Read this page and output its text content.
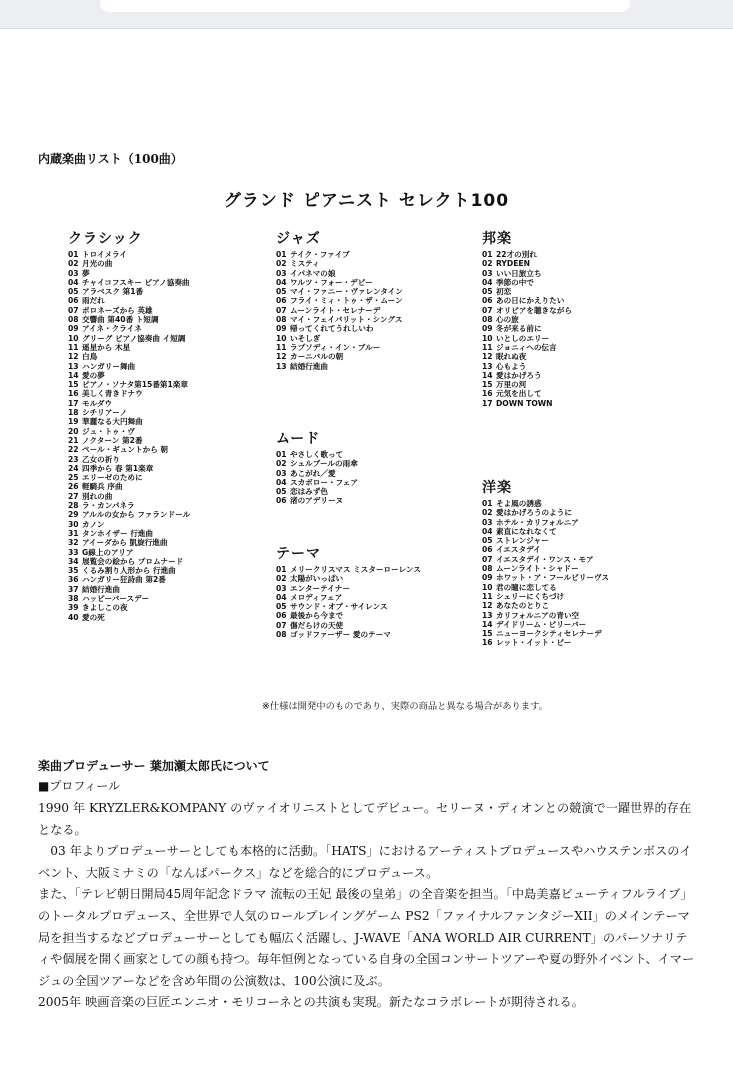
内蔵楽曲リスト（100曲）
グランド ピアニスト セレクト100
クラシック
01 トロイメライ
02 月光の曲
03 夢
04 チャイコフスキー ピアノ協奏曲
05 アラベスク 第1番
06 雨だれ
07 ポロネーズから 英雄
08 交響曲 第40番 ト短調
09 アイネ・クライネ
10 グリーグ ピアノ協奏曲 イ短調
11 遥星から 木星
12 白鳥
13 ハンガリー舞曲
14 愛の夢
15 ピアノ・ソナタ第15番第1楽章
16 美しく青きドナウ
17 モルダウ
18 シチリアーノ
19 華麗なる大円舞曲
20 ジュ・トゥ・ヴ
21 ノクターン 第2番
22 ペール・ギュントから 朝
23 乙女の祈り
24 四季から 春 第1楽章
25 エリーゼのために
26 軽騎兵 序曲
27 別れの曲
28 ラ・カンパネラ
29 アルルの女から ファランドール
30 カノン
31 タンホイザー 行進曲
32 アイーダから 凱旋行進曲
33 G線上のアリア
34 展覧会の絵から プロムナード
35 くるみ割り人形から 行進曲
36 ハンガリー狂詩曲 第2番
37 結婚行進曲
38 ハッピーバースデー
39 きよしこの夜
40 愛の死
ジャズ
01 テイク・ファイブ
02 ミスティ
03 イパネマの娘
04 ワルツ・フォー・デビー
05 マイ・ファニー・ヴァレンタイン
06 フライ・ミィ・トゥ・ザ・ムーン
07 ムーンライト・セレナーデ
08 マイ・フェイバリット・シングス
09 帰ってくれてうれしいわ
10 いそしぎ
11 ラプソディ・イン・ブルー
12 カーニバルの朝
13 結婚行進曲
ムード
01 やさしく歌って
02 シェルブールの雨傘
03 あこがれ／愛
04 スカボロー・フェア
05 恋はみず色
06 渚のアデリーヌ
テーマ
01 メリークリスマス ミスターローレンス
02 太陽がいっぱい
03 エンターテイナー
04 メロディフェア
05 サウンド・オブ・サイレンス
06 最後から今まで
07 傷だらけの天使
08 ゴッドファーザー 愛のテーマ
邦楽
01 22才の別れ
02 RYDEEN
03 いい日旅立ち
04 季節の中で
05 初恋
06 あの日にかえりたい
07 オリビアを聴きながら
08 心の旅
09 冬が来る前に
10 いとしのエリー
11 ジョニィへの伝言
12 眠れぬ夜
13 心もよう
14 愛はかげろう
15 万里の河
16 元気を出して
17 DOWN TOWN
洋楽
01 そよ風の誘惑
02 愛はかげろうのように
03 ホテル・カリフォルニア
04 素直になれなくて
05 ストレンジャー
06 イエスタデイ
07 イエスタデイ・ワンス・モア
08 ムーンライト・シャドー
09 ホワット・ア・フールビリーヴス
10 君の瞳に恋してる
11 シェリーにくちづけ
12 あなたのとりこ
13 カリフォルニアの青い空
14 デイドリーム・ビリーバー
15 ニューヨークシティセレナーデ
16 レット・イット・ビー
※仕様は開発中のものであり、実際の商品と異なる場合があります。
楽曲プロデューサー 葉加瀬太郎氏について
■プロフィール

1990 年 KRYZLER&KOMPANY のヴァイオリニストとしてデビュー。セリーヌ・ディオンとの競演で一躍世界的存在となる。

03 年よりプロデューサーとしても本格的に活動。「HATS」におけるアーティストプロデュースやハウステンボスのイベント、大阪ミナミの「なんばパークス」などを総合的にプロデュース。

また、「テレビ朝日開局45周年記念ドラマ 流転の王妃 最後の皇弟」の全音楽を担当。「中島美嘉ビューティフルライブ」のトータルプロデュース、全世界で人気のロールプレイングゲーム PS2「ファイナルファンタジーXII」のメインテーマ局を担当するなどプロデューサーとしても幅広く活躍し、J-WAVE「ANA WORLD AIR CURRENT」のパーソナリティや個展を開く画家としての顔も持つ。毎年恒例となっている自身の全国コンサートツアーや夏の野外イベント、イマージュの全国ツアーなどを含め年間の公演数は、100公演に及ぶ。

2005年 映画音楽の巨匠エンニオ・モリコーネとの共演も実現。新たなコラボレートが期待される。
